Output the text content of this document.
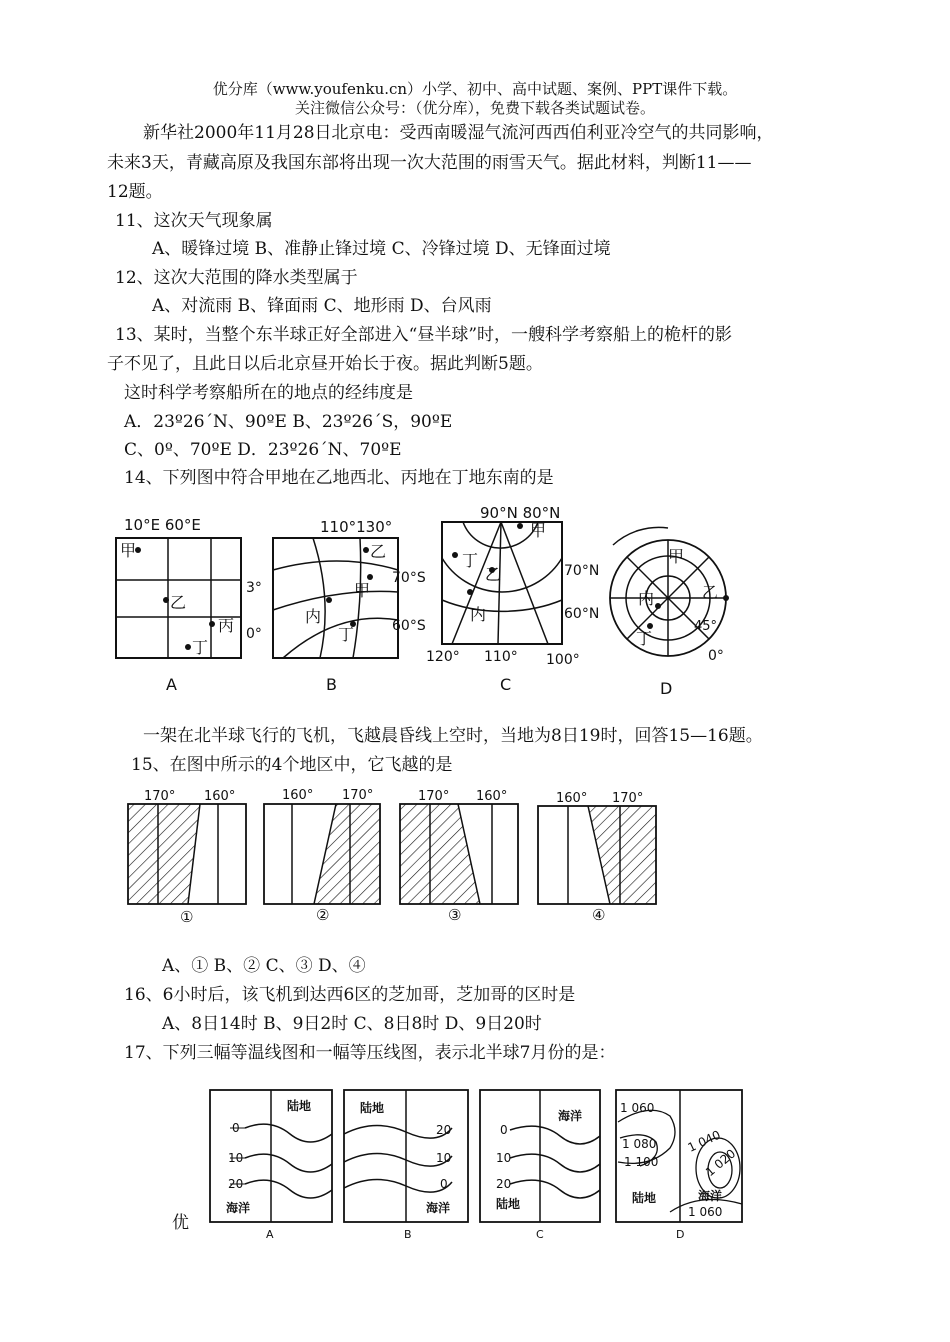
优分库（www.youfenku.cn）小学、初中、高中试题、案例、PPT课件下载。
关注微信公众号：（优分库），免费下载各类试题试卷。
新华社2000年11月28日北京电：受西南暖湿气流河西西伯利亚冷空气的共同影响，
未来3天，青藏高原及我国东部将出现一次大范围的雨雪天气。据此材料，判断11——
12题。
11、这次天气现象属
A、暖锋过境 B、准静止锋过境 C、冷锋过境 D、无锋面过境
12、这次大范围的降水类型属于
A、对流雨 B、锋面雨 C、地形雨 D、台风雨
13、某时，当整个东半球正好全部进入“昼半球”时，一艘科学考察船上的桅杆的影
子不见了，且此日以后北京昼开始长于夜。据此判断5题。
这时科学考察船所在的地点的经纬度是
A．23º26ˊN、90ºE B、23º26ˊS，90ºE
C、0º、70ºE D．23º26ˊN、70ºE
14、下列图中符合甲地在乙地西北、丙地在丁地东南的是
10°E 60°E
甲
乙
丙
丁
3°
0°
A
110°130°
乙
甲
内
丁
70°S
60°S
B
90°N 80°N
甲
丁
乙
内
70°N
60°N
120° 110° 100°
C
甲
乙
内
丁
45°
0°
D
一架在北半球飞行的飞机，飞越晨昏线上空时，当地为8日19时，回答15—16题。
15、在图中所示的4个地区中，它飞越的是
170° 160°
①
160° 170°
②
170° 160°
③
160° 170°
④
A、① B、② C、③ D、④
16、6小时后，该飞机到达西6区的芝加哥，芝加哥的区时是
A、8日14时 B、9日2时 C、8日8时 D、9日20时
17、下列三幅等温线图和一幅等压线图，表示北半球7月份的是：
陆地
海洋
0
10
20
A
陆地
海洋
20
10
0
B
海洋
陆地
0
10
20
C
1 060
1 080
1 100
1 040
1 020
陆地	海洋
1 060
D
优
